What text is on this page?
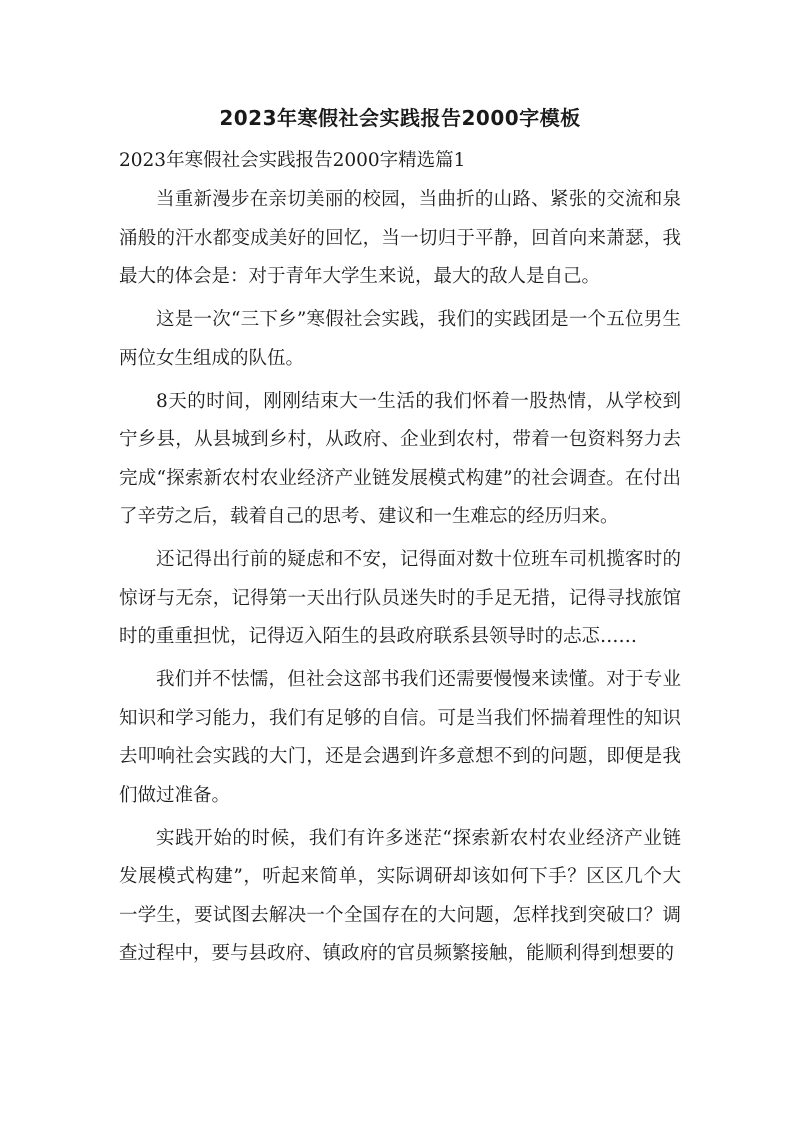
2023年寒假社会实践报告2000字模板
2023年寒假社会实践报告2000字精选篇1

当重新漫步在亲切美丽的校园，当曲折的山路、紧张的交流和泉涌般的汗水都变成美好的回忆，当一切归于平静，回首向来萧瑟，我最大的体会是：对于青年大学生来说，最大的敌人是自己。

这是一次“三下乡”寒假社会实践，我们的实践团是一个五位男生两位女生组成的队伍。

8天的时间，刚刚结束大一生活的我们怀着一股热情，从学校到宁乡县，从县城到乡村，从政府、企业到农村，带着一包资料努力去完成“探索新农村农业经济产业链发展模式构建”的社会调查。在付出了辛劳之后，载着自己的思考、建议和一生难忘的经历归来。

还记得出行前的疑虑和不安，记得面对数十位班车司机揽客时的惊讶与无奈，记得第一天出行队员迷失时的手足无措，记得寻找旅馆时的重重担忧，记得迈入陌生的县政府联系县领导时的忐忑……

我们并不怯懦，但社会这部书我们还需要慢慢来读懂。对于专业知识和学习能力，我们有足够的自信。可是当我们怀揣着理性的知识去叩响社会实践的大门，还是会遇到许多意想不到的问题，即便是我们做过准备。

实践开始的时候，我们有许多迷茫“探索新农村农业经济产业链发展模式构建”，听起来简单，实际调研却该如何下手？区区几个大一学生，要试图去解决一个全国存在的大问题，怎样找到突破口？调查过程中，要与县政府、镇政府的官员频繁接触，能顺利得到想要的
